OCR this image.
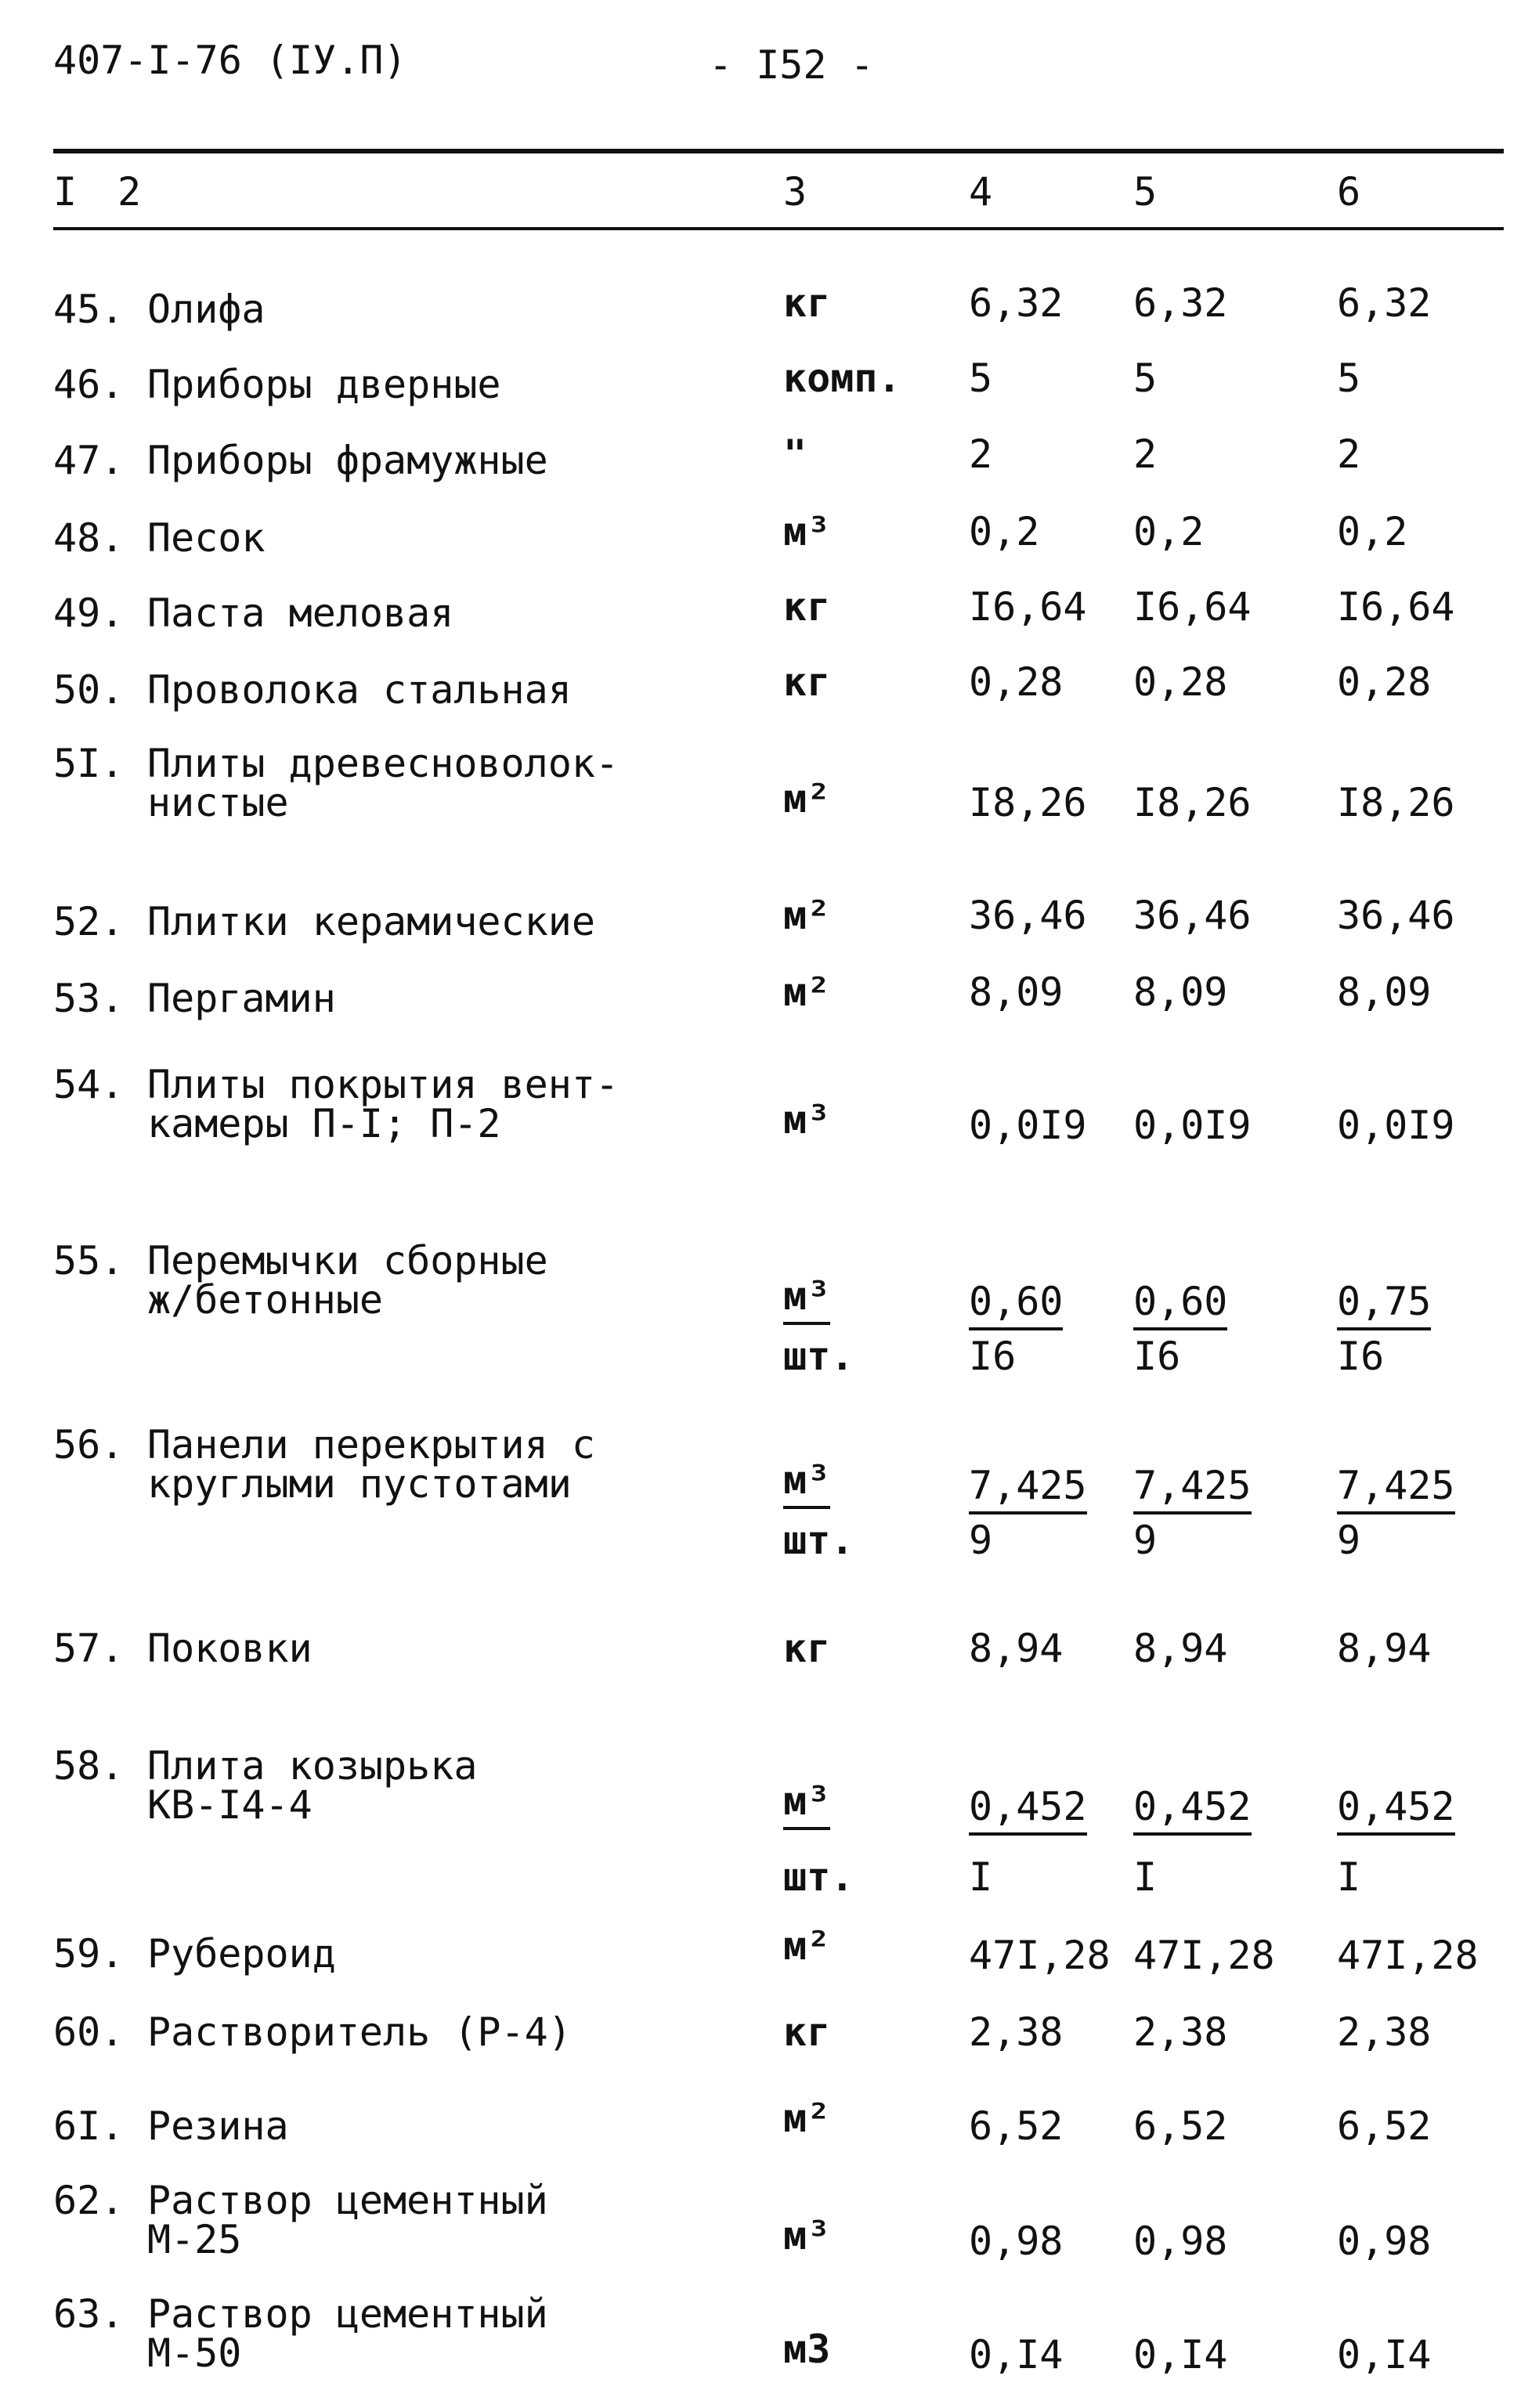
407-I-76 (IУ.П)	- I52 -
I 2	3	4	5	6
45. Олифа	кг	6,32 6,32	6,32
46. Приборы дверные	комп. 5	5	5
47. Приборы фрамужные	"	2	2	2
48. Песок	м³	0,2 0,2	0,2
49. Паста меловая	кг	I6,64 I6,64 I6,64
50. Проволока стальная	кг	0,28 0,28	0,28
5I. Плиты древесноволок-
нистые	м²	I8,26 I8,26 I8,26
52. Плитки керамические	м²	36,46 36,46 36,46
53. Пергамин	м²	8,09 8,09	8,09
54. Плиты покрытия вент-
камеры П-I; П-2	м³	0,0I9 0,0I9 0,0I9
55. Перемычки сборные
ж/бетонные	м³	0,60 0,60	0,75
шт.	I6	I6	I6
56. Панели перекрытия с
круглыми пустотами	м³	7,425 7,425 7,425
шт.	9	9	9
57. Поковки	кг	8,94 8,94	8,94
58. Плита козырька
КВ-I4-4	м³	0,452 0,452 0,452
шт.	I	I	I
59. Рубероид	м²	47I,28 47I,28 47I,28
60. Растворитель (Р-4)	кг	2,38 2,38	2,38
6I. Резина	м²	6,52 6,52	6,52
62. Раствор цементный
М-25	м³	0,98 0,98	0,98
63. Раствор цементный
М-50	м3	0,I4 0,I4	0,I4
